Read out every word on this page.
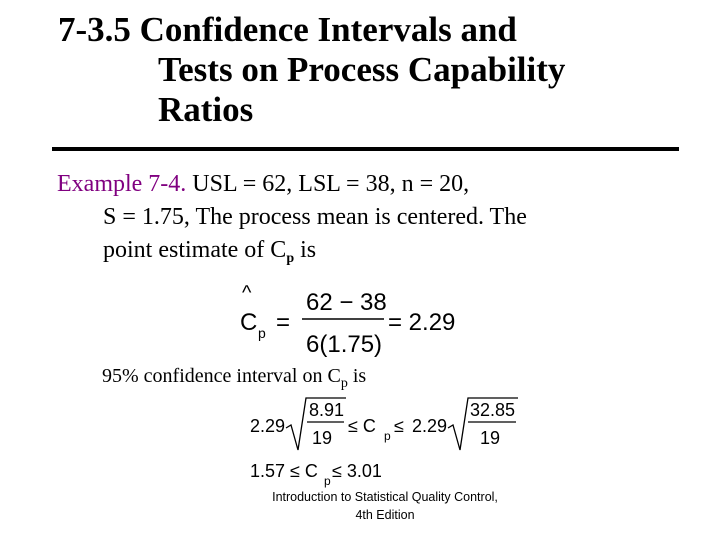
7-3.5 Confidence Intervals and
Tests on Process Capability
Ratios
Example 7-4. USL = 62, LSL = 38, n = 20,
S = 1.75, The process mean is centered. The
point estimate of $C_p$ is
^
C p =
62 − 38
6(1.75)
= 2.29
95% confidence interval on $C_p$ is
2.29
8.91
19
≤ C p ≤ 2.29
32.85
19
1.57 ≤ C p ≤ 3.01
Introduction to Statistical Quality Control,
4th Edition
